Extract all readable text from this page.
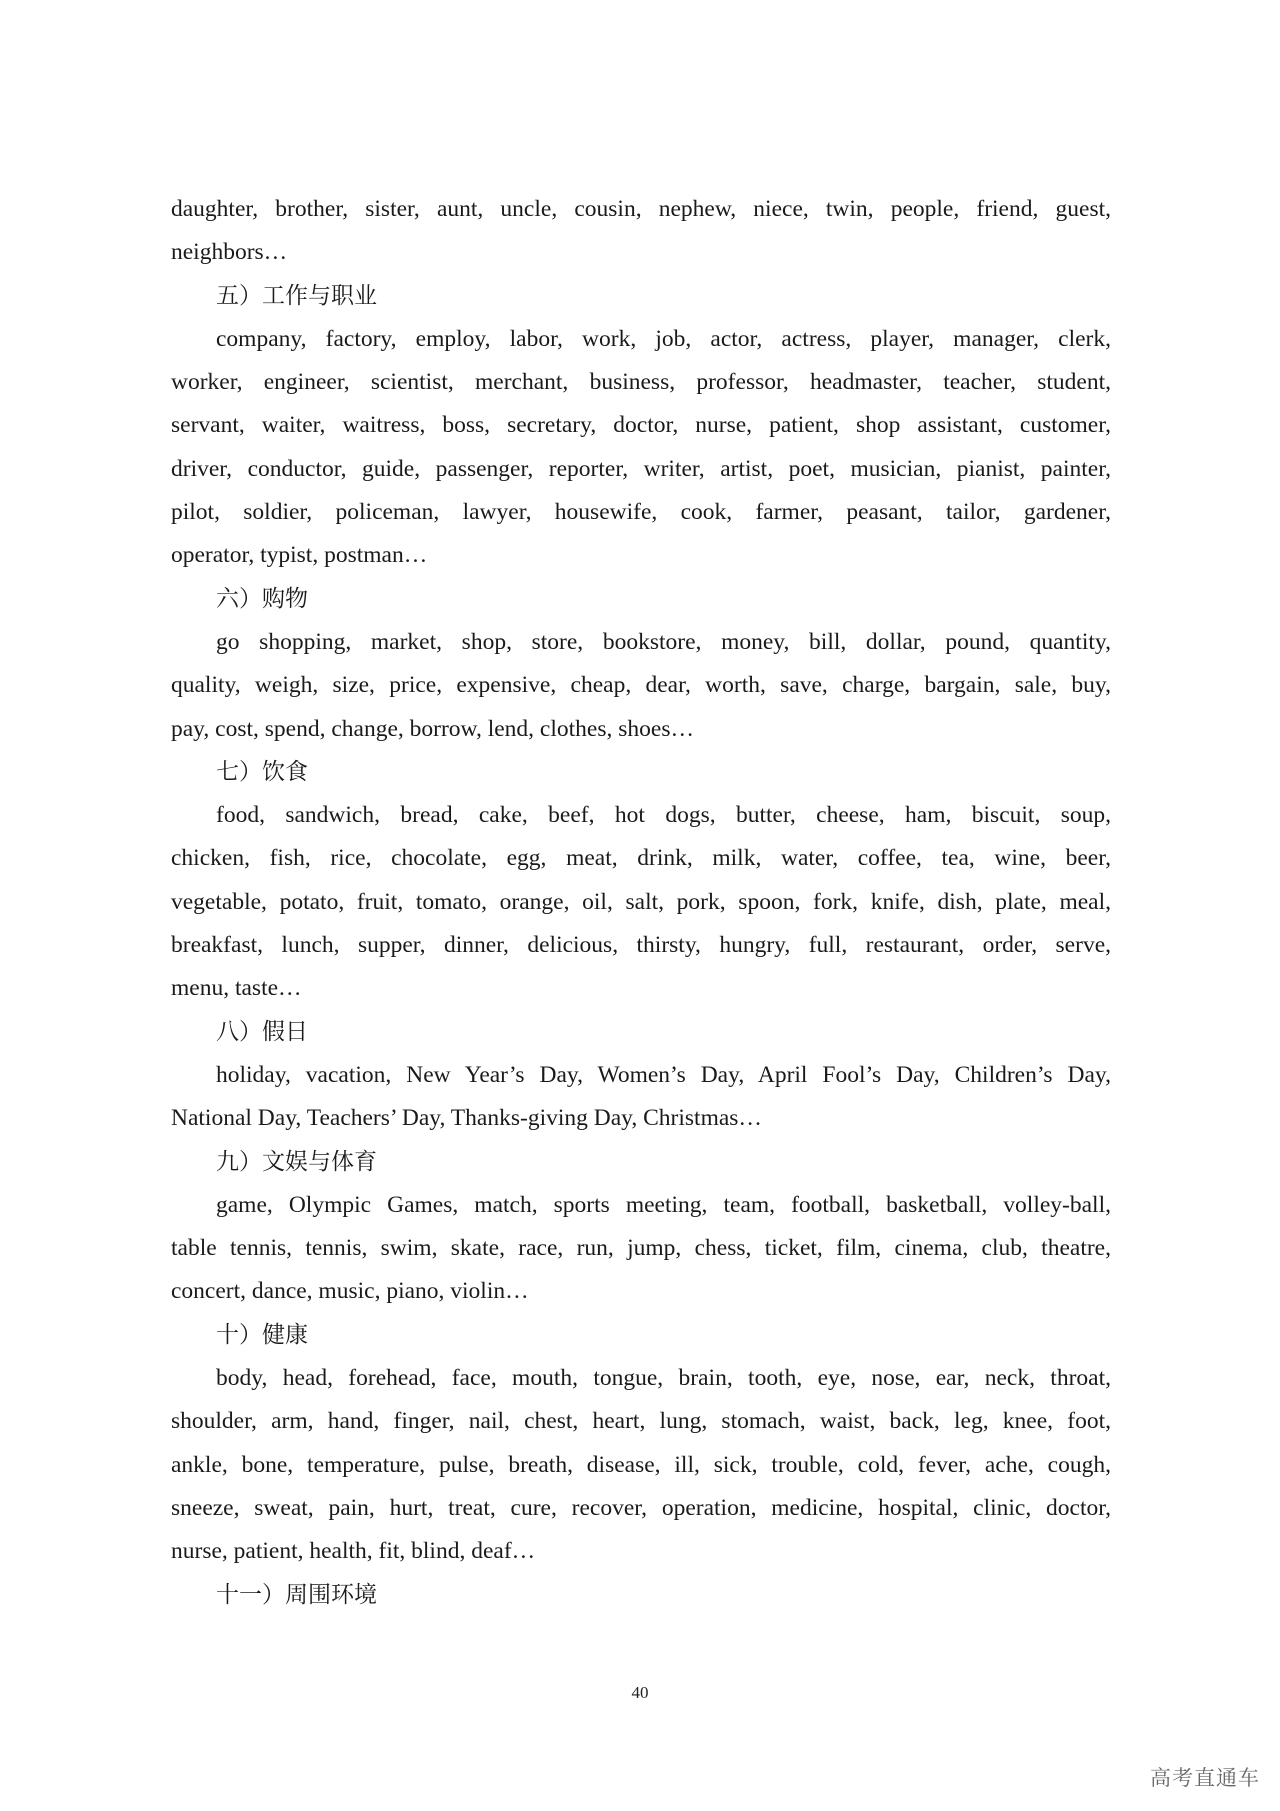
daughter, brother, sister, aunt, uncle, cousin, nephew, niece, twin, people, friend, guest,
neighbors…
五）工作与职业
company, factory, employ, labor, work, job, actor, actress, player, manager, clerk,
worker, engineer, scientist, merchant, business, professor, headmaster, teacher, student,
servant, waiter, waitress, boss, secretary, doctor, nurse, patient, shop assistant, customer,
driver, conductor, guide, passenger, reporter, writer, artist, poet, musician, pianist, painter,
pilot, soldier, policeman, lawyer, housewife, cook, farmer, peasant, tailor, gardener,
operator, typist, postman…
六）购物
go shopping, market, shop, store, bookstore, money, bill, dollar, pound, quantity,
quality, weigh, size, price, expensive, cheap, dear, worth, save, charge, bargain, sale, buy,
pay, cost, spend, change, borrow, lend, clothes, shoes…
七）饮食
food, sandwich, bread, cake, beef, hot dogs, butter, cheese, ham, biscuit, soup,
chicken, fish, rice, chocolate, egg, meat, drink, milk, water, coffee, tea, wine, beer,
vegetable, potato, fruit, tomato, orange, oil, salt, pork, spoon, fork, knife, dish, plate, meal,
breakfast, lunch, supper, dinner, delicious, thirsty, hungry, full, restaurant, order, serve,
menu, taste…
八）假日
holiday, vacation, New Year’s Day, Women’s Day, April Fool’s Day, Children’s Day,
National Day, Teachers’ Day, Thanks-giving Day, Christmas…
九）文娱与体育
game, Olympic Games, match, sports meeting, team, football, basketball, volley-ball,
table tennis, tennis, swim, skate, race, run, jump, chess, ticket, film, cinema, club, theatre,
concert, dance, music, piano, violin…
十）健康
body, head, forehead, face, mouth, tongue, brain, tooth, eye, nose, ear, neck, throat,
shoulder, arm, hand, finger, nail, chest, heart, lung, stomach, waist, back, leg, knee, foot,
ankle, bone, temperature, pulse, breath, disease, ill, sick, trouble, cold, fever, ache, cough,
sneeze, sweat, pain, hurt, treat, cure, recover, operation, medicine, hospital, clinic, doctor,
nurse, patient, health, fit, blind, deaf…
十一）周围环境
40
高考直通车
